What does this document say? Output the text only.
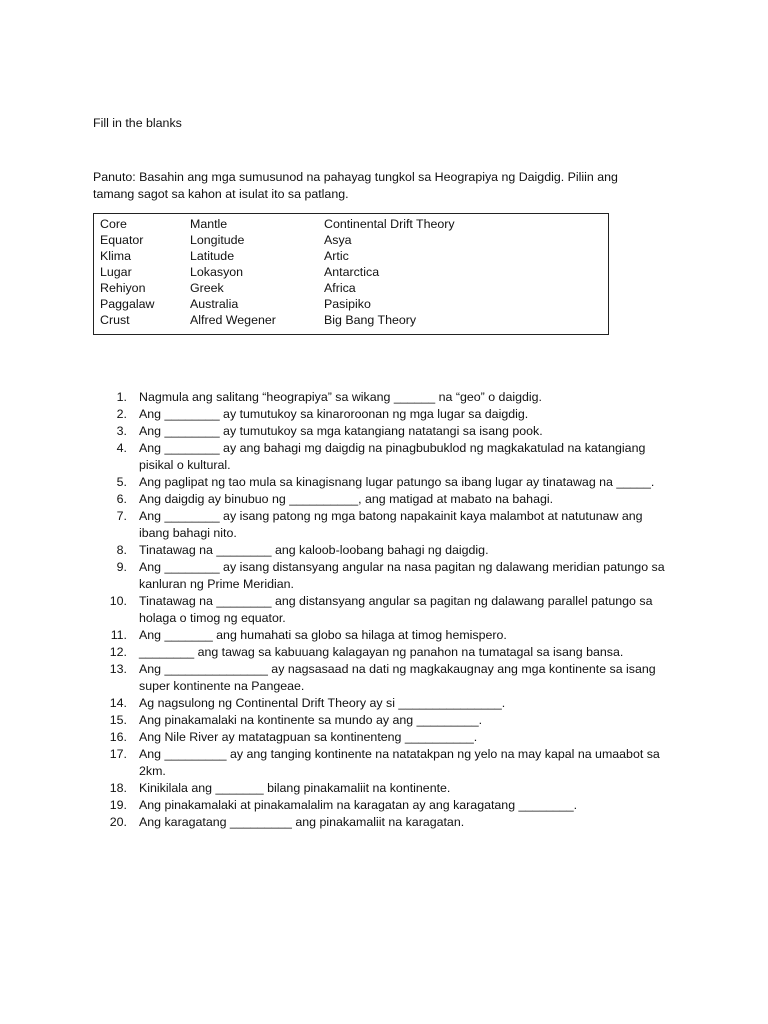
Fill in the blanks
Panuto: Basahin ang mga sumusunod na pahayag tungkol sa Heograpiya ng Daigdig. Piliin ang tamang sagot sa kahon at isulat ito sa patlang.
Core	Mantle	Continental Drift Theory
Equator	Longitude	Asya
Klima	Latitude	Artic
Lugar	Lokasyon	Antarctica
Rehiyon	Greek	Africa
Paggalaw	Australia	Pasipiko
Crust	Alfred Wegener	Big Bang Theory
1. Nagmula ang salitang “heograpiya” sa wikang ______ na “geo” o daigdig.
2. Ang ________ ay tumutukoy sa kinaroroonan ng mga lugar sa daigdig.
3. Ang ________ ay tumutukoy sa mga katangiang natatangi sa isang pook.
4. Ang ________ ay ang bahagi mg daigdig na pinagbubuklod ng magkakatulad na katangiang pisikal o kultural.
5. Ang paglipat ng tao mula sa kinagisnang lugar patungo sa ibang lugar ay tinatawag na _____.
6. Ang daigdig ay binubuo ng __________, ang matigad at mabato na bahagi.
7. Ang ________ ay isang patong ng mga batong napakainit kaya malambot at natutunaw ang ibang bahagi nito.
8. Tinatawag na ________ ang kaloob-loobang bahagi ng daigdig.
9. Ang ________ ay isang distansyang angular na nasa pagitan ng dalawang meridian patungo sa kanluran ng Prime Meridian.
10. Tinatawag na ________ ang distansyang angular sa pagitan ng dalawang parallel patungo sa holaga o timog ng equator.
11. Ang _______ ang humahati sa globo sa hilaga at timog hemispero.
12. ________ ang tawag sa kabuuang kalagayan ng panahon na tumatagal sa isang bansa.
13. Ang _______________ ay nagsasaad na dati ng magkakaugnay ang mga kontinente sa isang super kontinente na Pangeae.
14. Ag nagsulong ng Continental Drift Theory ay si _______________.
15. Ang pinakamalaki na kontinente sa mundo ay ang _________.
16. Ang Nile River ay matatagpuan sa kontinenteng __________.
17. Ang _________ ay ang tanging kontinente na natatakpan ng yelo na may kapal na umaabot sa 2km.
18. Kinikilala ang _______ bilang pinakamaliit na kontinente.
19. Ang pinakamalaki at pinakamalalim na karagatan ay ang karagatang ________.
20. Ang karagatang _________ ang pinakamaliit na karagatan.
